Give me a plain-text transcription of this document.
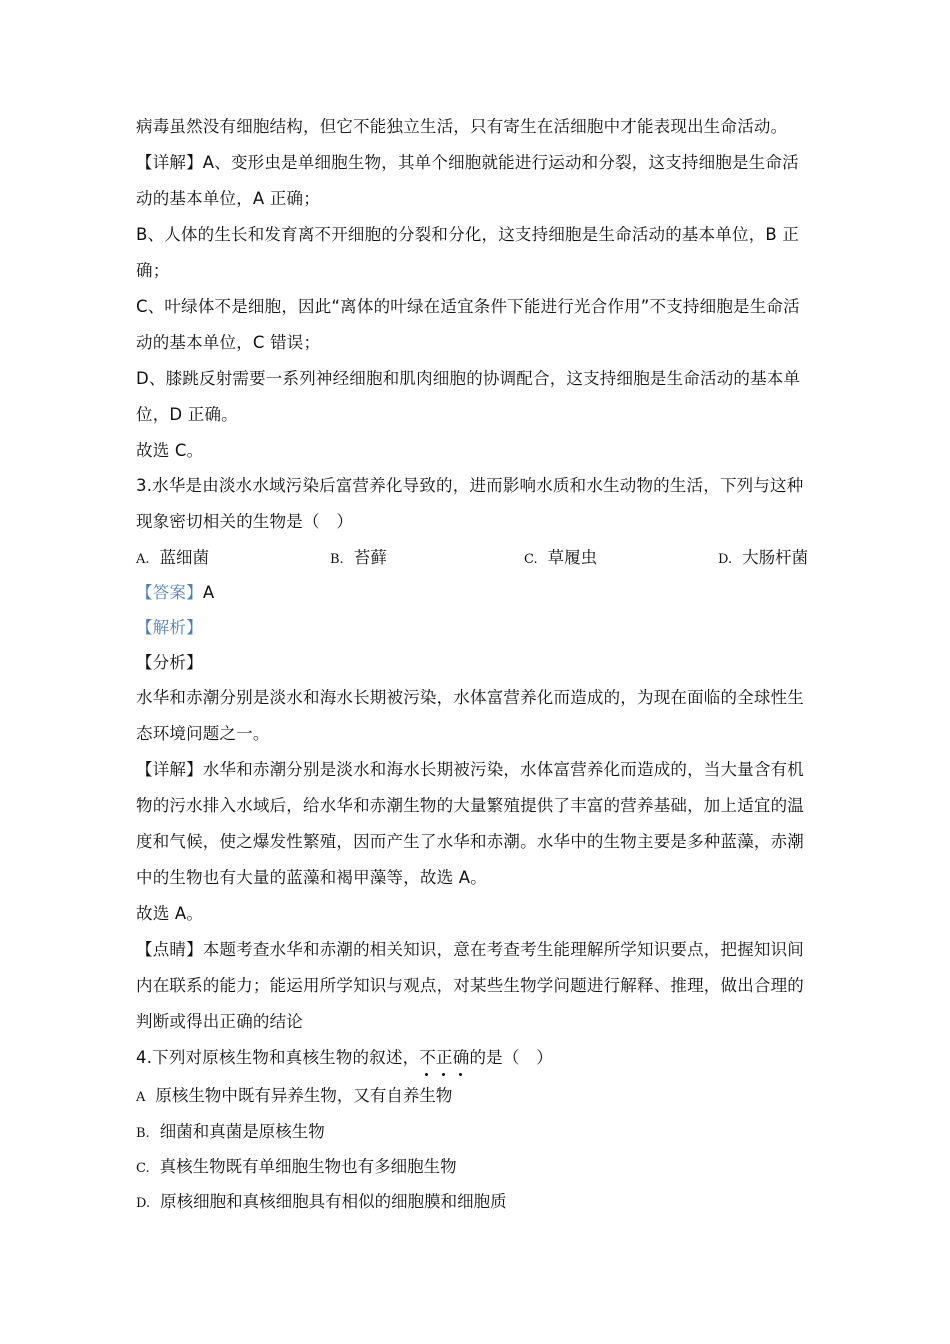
病毒虽然没有细胞结构，但它不能独立生活，只有寄生在活细胞中才能表现出生命活动。
【详解】A、变形虫是单细胞生物，其单个细胞就能进行运动和分裂，这支持细胞是生命活
动的基本单位，A 正确；
B、人体的生长和发育离不开细胞的分裂和分化，这支持细胞是生命活动的基本单位，B 正
确；
C、叶绿体不是细胞，因此“离体的叶绿在适宜条件下能进行光合作用”不支持细胞是生命活
动的基本单位，C 错误；
D、膝跳反射需要一系列神经细胞和肌肉细胞的协调配合，这支持细胞是生命活动的基本单
位，D 正确。
故选 C。
3.水华是由淡水水域污染后富营养化导致的，进而影响水质和水生动物的生活，下列与这种
现象密切相关的生物是（　）
A. 蓝细菌	B. 苔藓	C. 草履虫	D. 大肠杆菌
【答案】A
【解析】
【分析】
水华和赤潮分别是淡水和海水长期被污染，水体富营养化而造成的，为现在面临的全球性生
态环境问题之一。
【详解】水华和赤潮分别是淡水和海水长期被污染，水体富营养化而造成的，当大量含有机
物的污水排入水域后，给水华和赤潮生物的大量繁殖提供了丰富的营养基础，加上适宜的温
度和气候，使之爆发性繁殖，因而产生了水华和赤潮。水华中的生物主要是多种蓝藻，赤潮
中的生物也有大量的蓝藻和褐甲藻等，故选 A。
故选 A。
【点睛】本题考查水华和赤潮的相关知识，意在考查考生能理解所学知识要点，把握知识间
内在联系的能力；能运用所学知识与观点，对某些生物学问题进行解释、推理，做出合理的
判断或得出正确的结论
4.下列对原核生物和真核生物的叙述，不正确
的是（　）
A 原核生物中既有异养生物，又有自养生物
B. 细菌和真菌是原核生物
C. 真核生物既有单细胞生物也有多细胞生物
D. 原核细胞和真核细胞具有相似的细胞膜和细胞质
